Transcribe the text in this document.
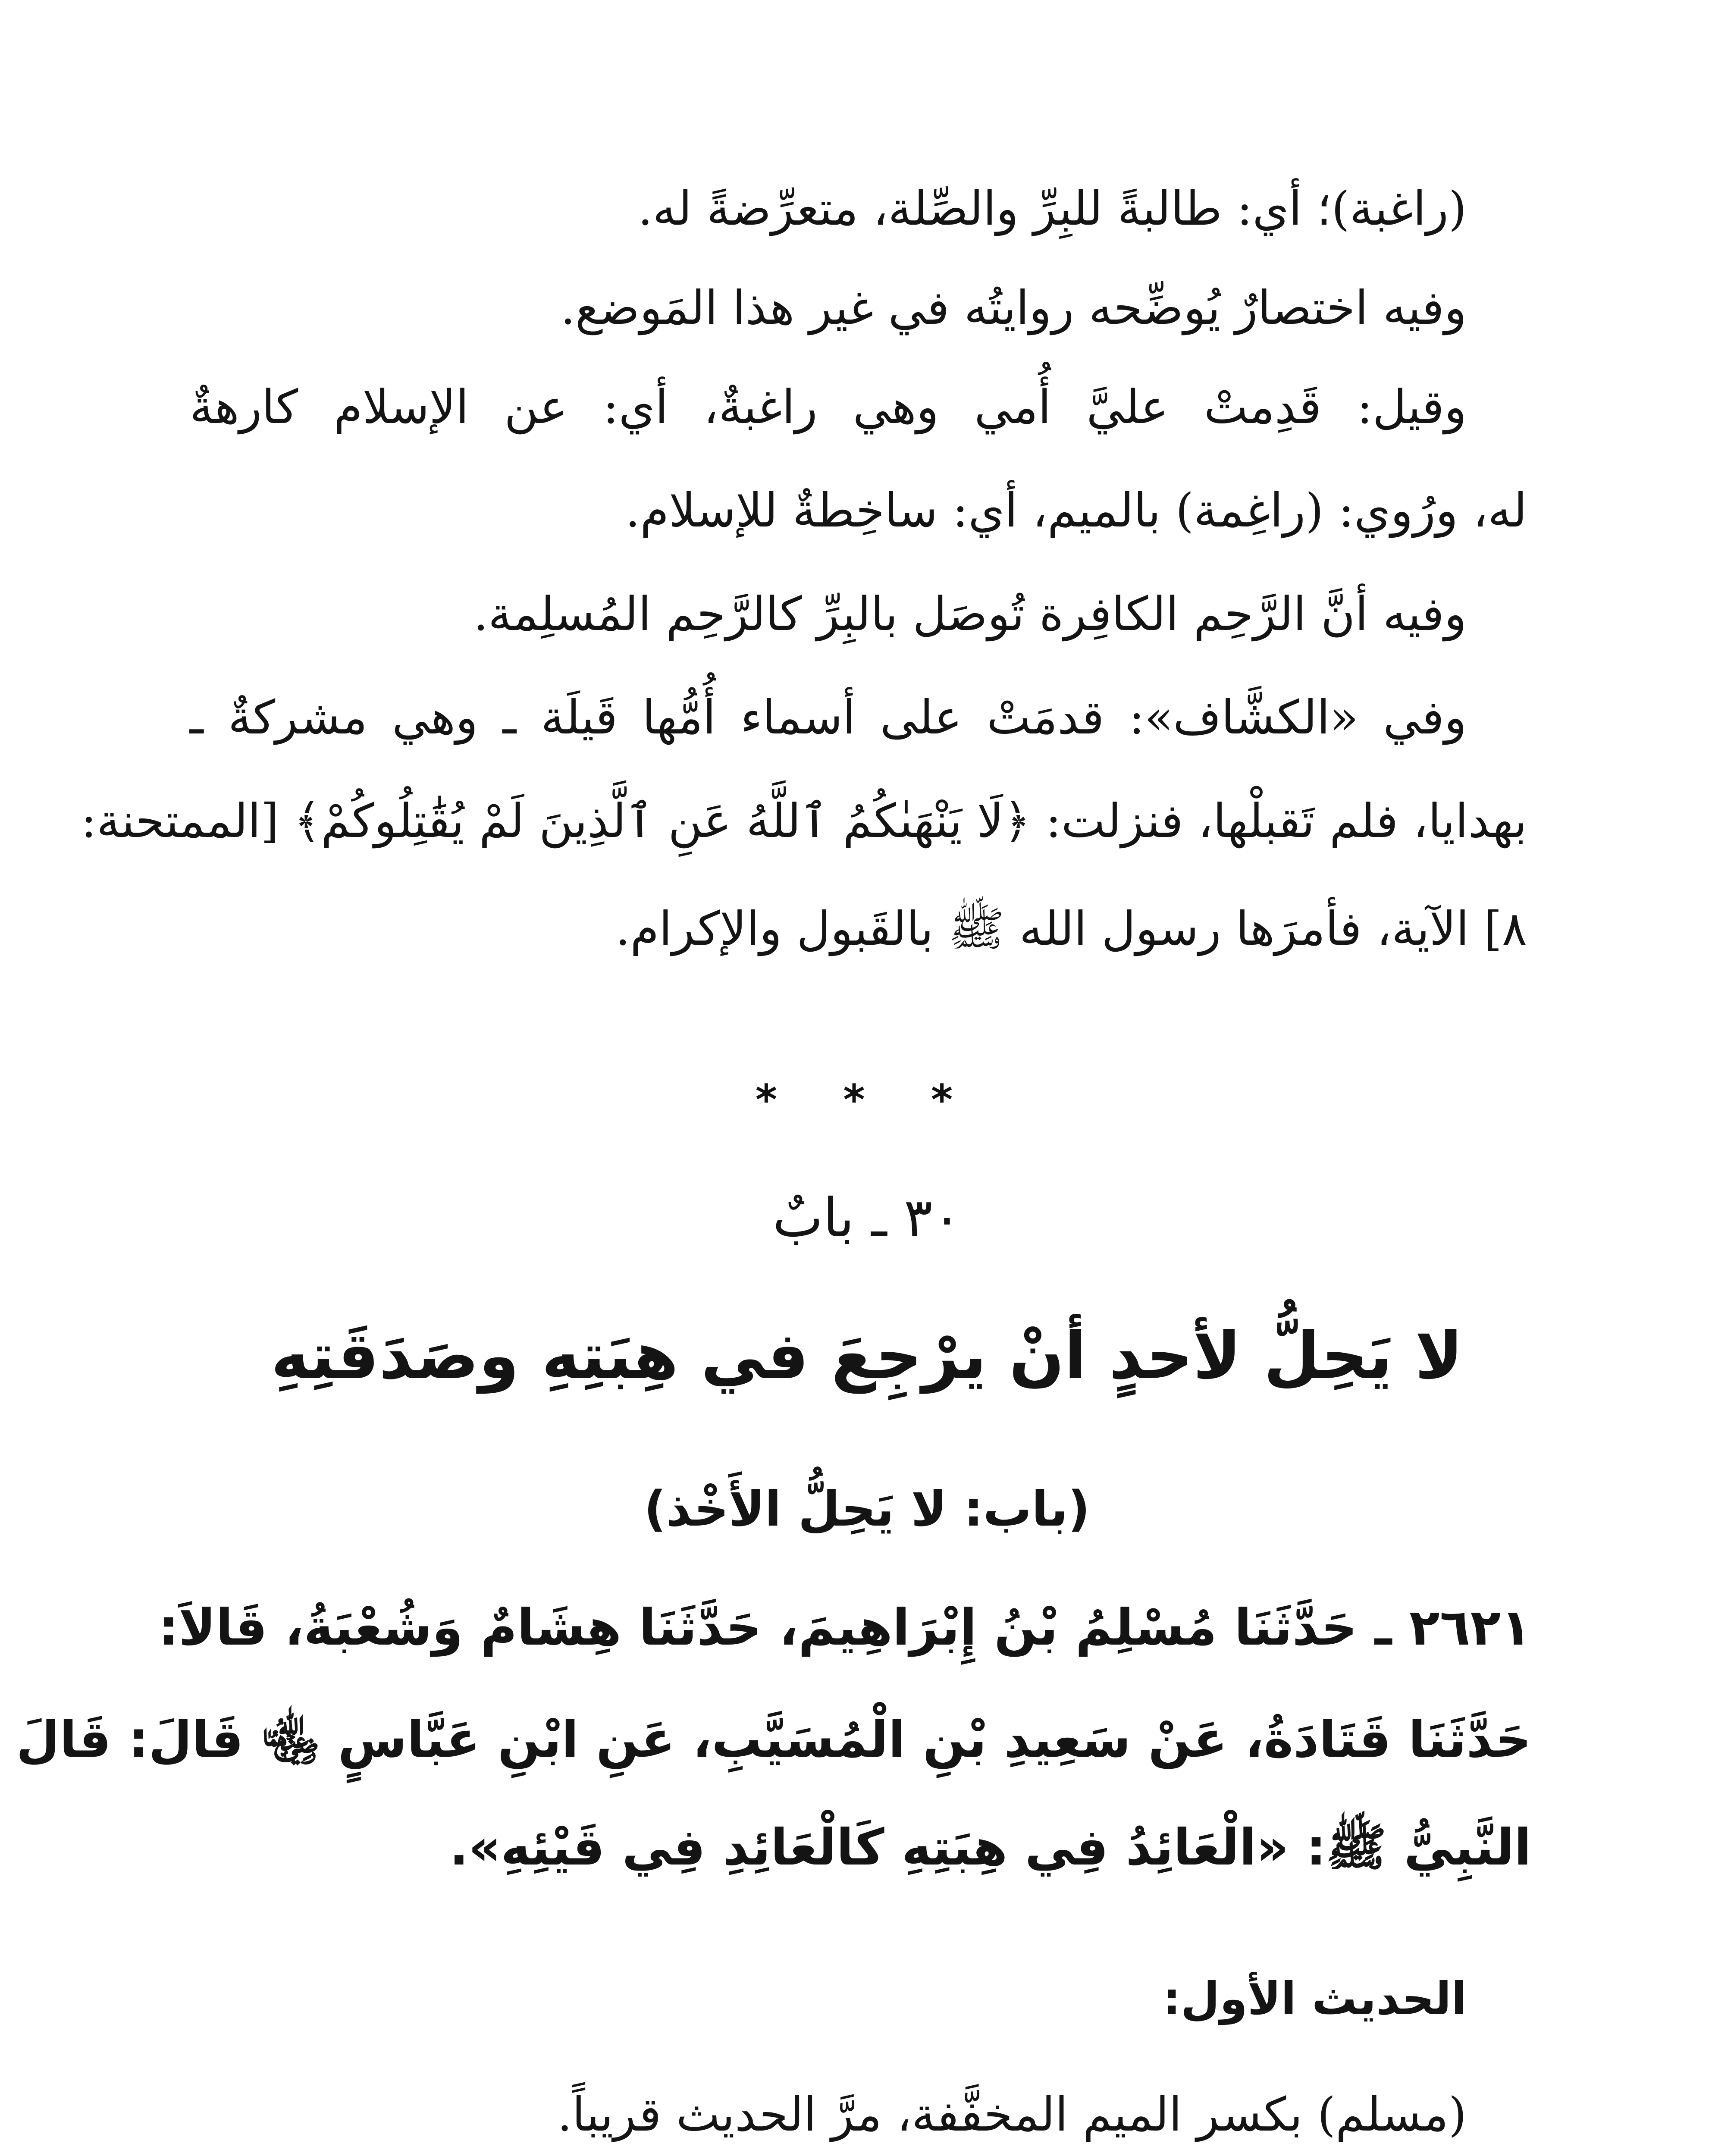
(راغبة)؛ أي: طالبةً للبِرِّ والصِّلة، متعرِّضةً له.
وفيه اختصارٌ يُوضِّحه روايتُه في غير هذا المَوضع.
وقيل: قَدِمتْ عليَّ أُمي وهي راغبةٌ، أي: عن الإسلام كارهةٌ
له، ورُوي: (راغِمة) بالميم، أي: ساخِطةٌ للإسلام.
وفيه أنَّ الرَّحِم الكافِرة تُوصَل بالبِرِّ كالرَّحِم المُسلِمة.
وفي «الكشَّاف»: قدمَتْ على أسماء أُمُّها قَيلَة ـ وهي مشركةٌ ـ
بهدايا، فلم تَقبلْها، فنزلت: ﴿لَا يَنْهَىٰكُمُ ٱللَّهُ عَنِ ٱلَّذِينَ لَمْ يُقَٰتِلُوكُمْ﴾ [الممتحنة:
٨] الآية، فأمرَها رسول الله ﷺ بالقَبول والإكرام.
* * *
٣٠ ـ بابٌ
لا يَحِلُّ لأحدٍ أنْ يرْجِعَ في هِبَتِهِ وصَدَقَتِهِ
(باب: لا يَحِلُّ الأَخْذ)
٢٦٢١ ـ حَدَّثَنَا مُسْلِمُ بْنُ إِبْرَاهِيمَ، حَدَّثَنَا هِشَامٌ وَشُعْبَةُ، قَالاَ:
حَدَّثَنَا قَتَادَةُ، عَنْ سَعِيدِ بْنِ الْمُسَيَّبِ، عَنِ ابْنِ عَبَّاسٍ ﵄ قَالَ: قَالَ
النَّبِيُّ ﷺ: «الْعَائِدُ فِي هِبَتِهِ كَالْعَائِدِ فِي قَيْئِهِ».
الحديث الأول:
(مسلم) بكسر الميم المخفَّفة، مرَّ الحديث قريباً.
